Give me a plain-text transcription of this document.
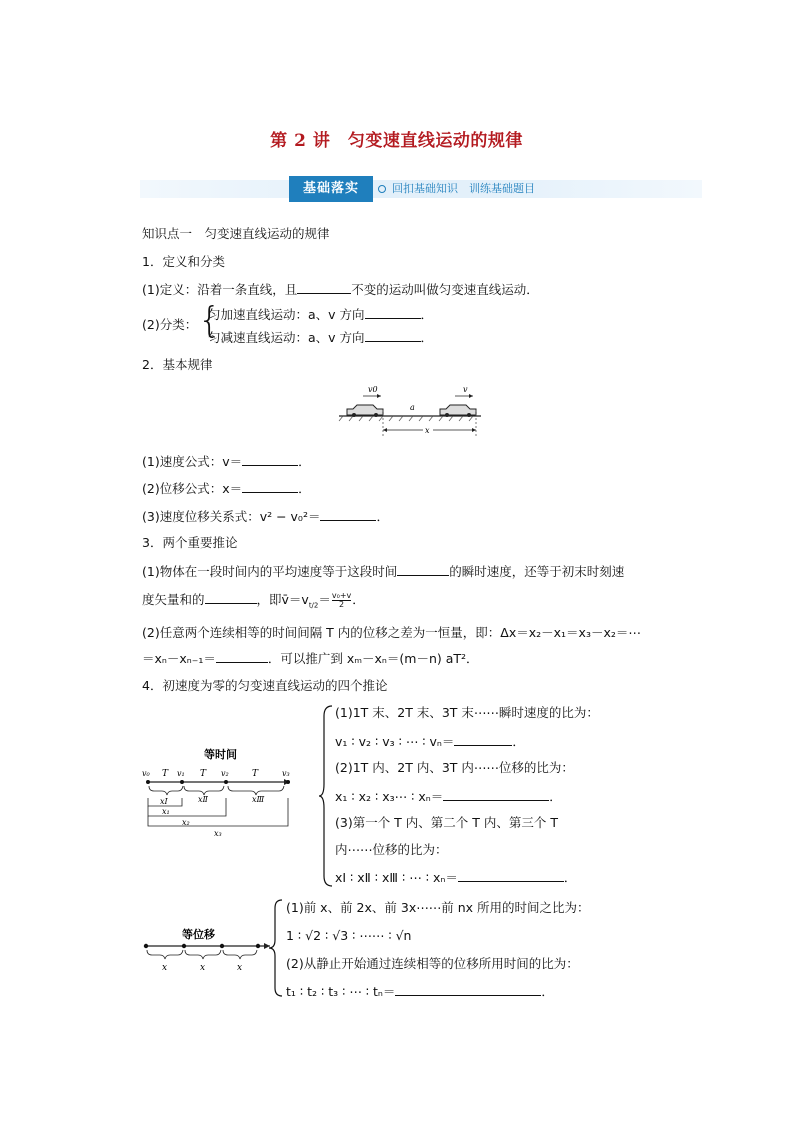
第 2 讲　匀变速直线运动的规律
基础落实	回扣基础知识　训练基础题目
知识点一　匀变速直线运动的规律
1．定义和分类
(1)定义：沿着一条直线，且	不变的运动叫做匀变速直线运动．
(2)分类： {
匀加速直线运动：a、v 方向	．
匀减速直线运动：a、v 方向	．
2．基本规律
v0	v
a
x
(1)速度公式：v＝	．
(2)位移公式：x＝	．
(3)速度位移关系式：v² − v₀²＝	．
3．两个重要推论
(1)物体在一段时间内的平均速度等于这段时间	的瞬时速度，还等于初末时刻速
度矢量和的	，即$v̄=v_{t/2}= \frac{\text{v₀+v}}{2}$ ．
(2)任意两个连续相等的时间间隔 T 内的位移之差为一恒量，即：Δx＝x₂－x₁＝x₃－x₂＝⋯
＝xₙ－xₙ₋₁＝	．可以推广到 xₘ－xₙ＝(m－n) aT²．
4．初速度为零的匀变速直线运动的四个推论
等时间
v₀ T v₁ T v₂	T	v₃
xⅠ	xⅡ	xⅢ
x₁
x₂
x₃
(1)1T 末、2T 末、3T 末⋯⋯瞬时速度的比为：
v₁ ∶ v₂ ∶ v₃ ∶ ⋯ ∶ vₙ＝	．
(2)1T 内、2T 内、3T 内⋯⋯位移的比为：
x₁ ∶ x₂ ∶ x₃⋯ ∶ xₙ＝	．
(3)第一个 T 内、第二个 T 内、第三个 T
内⋯⋯位移的比为：
xⅠ ∶ xⅡ ∶ xⅢ ∶ ⋯ ∶ xₙ＝	．
等位移
x	x	x
(1)前 x、前 2x、前 3x⋯⋯前 nx 所用的时间之比为：
1 ∶ √2 ∶ √3 ∶ ⋯⋯ ∶ √n
(2)从静止开始通过连续相等的位移所用时间的比为：
t₁ ∶ t₂ ∶ t₃ ∶ ⋯ ∶ tₙ＝	．
